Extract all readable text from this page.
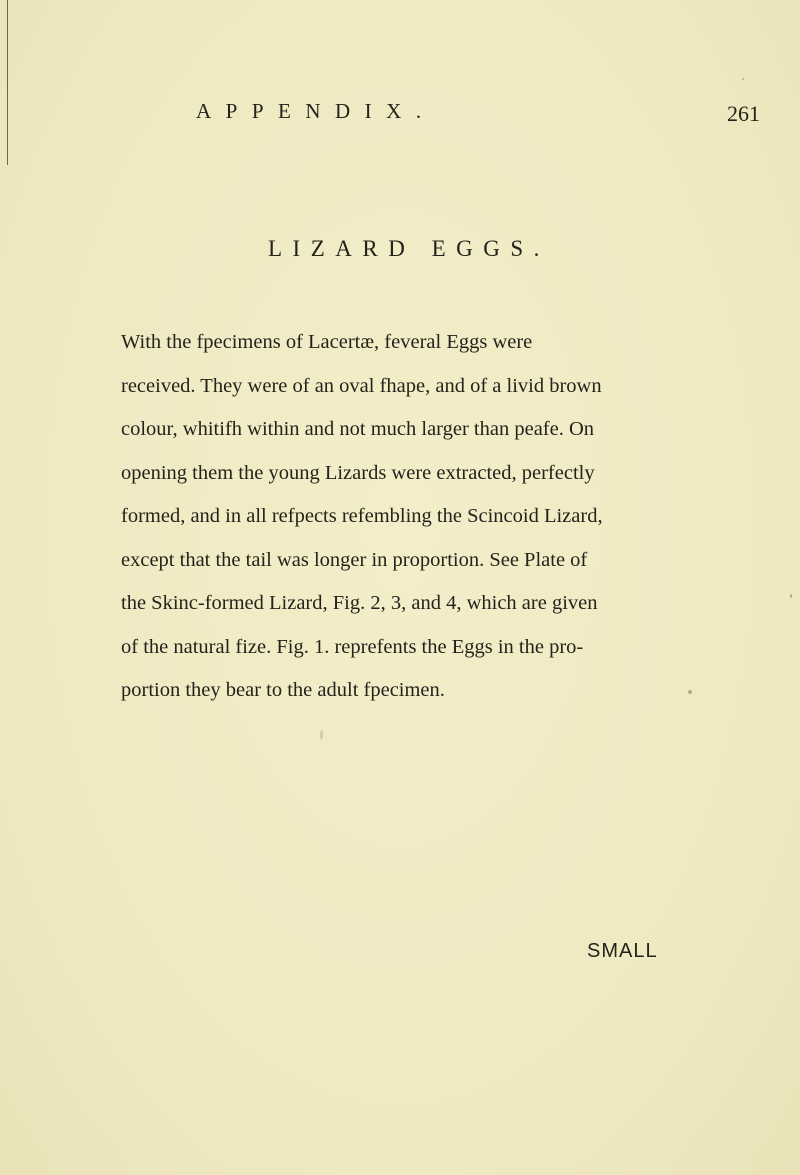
APPENDIX.	261
LIZARD EGGS.
With the fpecimens of Lacertæ, feveral Eggs were
received. They were of an oval fhape, and of a livid brown
colour, whitifh within and not much larger than peafe. On
opening them the young Lizards were extracted, perfectly
formed, and in all refpects refembling the Scincoid Lizard,
except that the tail was longer in proportion. See Plate of
the Skinc-formed Lizard, Fig. 2, 3, and 4, which are given
of the natural fize. Fig. 1. reprefents the Eggs in the pro-
portion they bear to the adult fpecimen.
SMALL
